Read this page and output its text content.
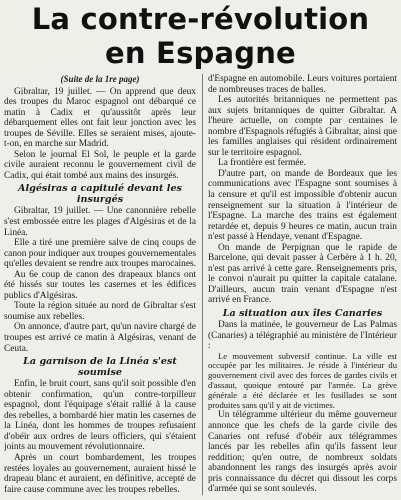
La contre-révolution
en Espagne
(Suite de la 1re page)

Gibraltar, 19 juillet. — On apprend que deux des troupes du Maroc espagnol ont débarqué ce matin à Cadix et qu'aussitôt après leur débarquement elles ont fait leur jonction avec les troupes de Séville. Elles se seraient mises, ajoute-t-on, en marche sur Madrid.

Selon le journal El Sol, le peuple et la garde civile auraient reconnu le gouvernement civil de Cadix, qui était tombé aux mains des insurgés.

Algésiras a capitulé devant les insurgés

Gibraltar, 19 juillet. — Une canonnière rebelle s'est embossée entre les plages d'Algésiras et de la Linéa.

Elle a tiré une première salve de cinq coups de canon pour indiquer aux troupes gouvernementales qu'elles devaient se rendre aux troupes marocaines.

Au 6e coup de canon des drapeaux blancs ont été hissés sur toutes les casernes et les édifices publics d'Algésiras.

Toute la région située au nord de Gibraltar s'est soumise aux rebelles.

On annonce, d'autre part, qu'un navire chargé de troupes est arrivé ce matin à Algésiras, venant de Ceuta.

La garnison de la Linéa s'est soumise

Enfin, le bruit court, sans qu'il soit possible d'en obtenir confirmation, qu'un contre-torpilleur espagnol, dont l'équipage s'était rallié à la cause des rebelles, a bombardé hier matin les casernes de la Linéa, dont les hommes de troupes refusaient d'obéir aux ordres de leurs officiers, qui s'étaient joints au mouvement révolutionnaire.

Après un court bombardement, les troupes restées loyales au gouvernement, auraient hissé le drapeau blanc et auraient, en définitive, accepté de faire cause commune avec les troupes rebelles.

d'Espagne en automobile. Leurs voitures portaient de nombreuses traces de balles.

Les autorités britanniques ne permettent pas aux sujets britanniques de quitter Gibraltar. A l'heure actuelle, on compte par centaines le nombre d'Espagnols réfugiés à Gibraltar, ainsi que les familles anglaises qui résident ordinairement sur le territoire espagnol.

La frontière est fermée.

D'autre part, on mande de Bordeaux que les communications avec l'Espagne sont soumises à la censure et qu'il est impossible d'obtenir aucun renseignement sur la situation à l'intérieur de l'Espagne. La marche des trains est également retardée et, depuis 9 heures ce matin, aucun train n'est passé à Hendaye, venant d'Espagne.

On mande de Perpignan que le rapide de Barcelone, qui devait passer à Cerbère à 1 h. 20, n'est pas arrivé à cette gare. Renseignements pris, le convoi n'aurait pu quitter la capitale catalane. D'ailleurs, aucun train venant d'Espagne n'est arrivé en France.

La situation aux îles Canaries

Dans la matinée, le gouverneur de Las Palmas (Canaries) a télégraphié au ministère de l'Intérieur :

Le mouvement subversif continue. La ville est occupée par les militaires. Je réside à l'intérieur du gouvernement civil avec des forces de gardes civils et d'assaut, quoique entouré par l'armée. La grève générale a été déclarée et les fusillades se sont produites sans qu'il y ait de victimes.

Un télégramme ultérieur du même gouverneur annonce que les chefs de la garde civile des Canaries ont refusé d'obéir aux télégrammes lancés par les rebelles afin qu'ils fassent leur reddition; qu'en outre, de nombreux soldats abandonnent les rangs des insurgés après avoir pris connaissance du décret qui dissout les corps d'armée qui se sont soulevés.
